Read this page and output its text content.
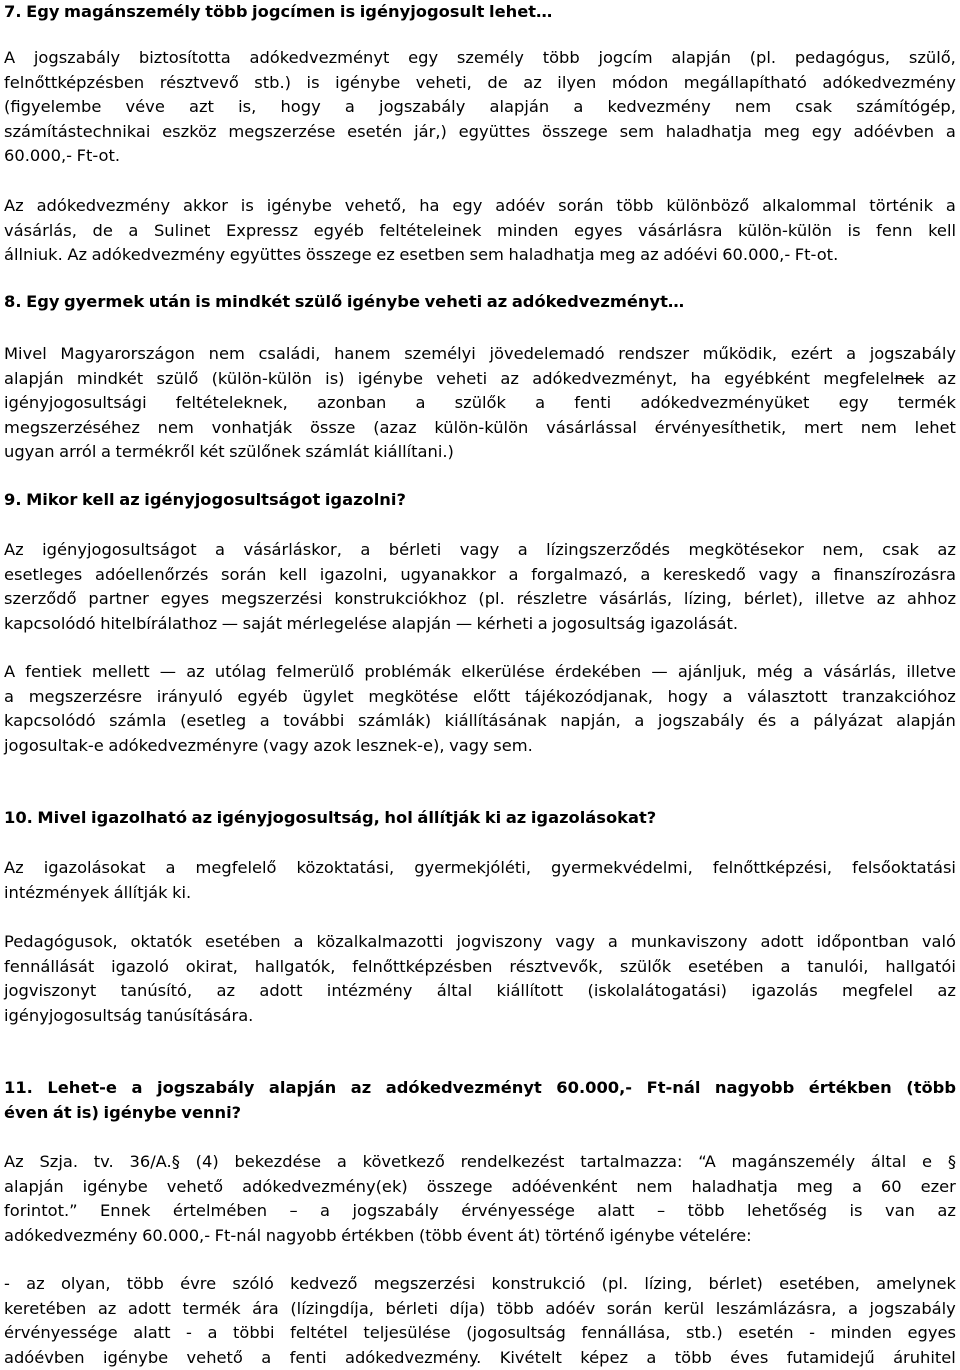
7. Egy magánszemély több jogcímen is igényjogosult lehet…
A jogszabály biztosította adókedvezményt egy személy több jogcím alapján (pl. pedagógus, szülő,
felnőttképzésben résztvevő stb.) is igénybe veheti, de az ilyen módon megállapítható adókedvezmény
(figyelembe véve azt is, hogy a jogszabály alapján a kedvezmény nem csak számítógép,
számítástechnikai eszköz megszerzése esetén jár,) együttes összege sem haladhatja meg egy adóévben a
60.000,- Ft-ot.
Az adókedvezmény akkor is igénybe vehető, ha egy adóév során több különböző alkalommal történik a
vásárlás, de a Sulinet Expressz egyéb feltételeinek minden egyes vásárlásra külön-külön is fenn kell
állniuk. Az adókedvezmény együttes összege ez esetben sem haladhatja meg az adóévi 60.000,- Ft-ot.
8. Egy gyermek után is mindkét szülő igénybe veheti az adókedvezményt…
Mivel Magyarországon nem családi, hanem személyi jövedelemadó rendszer működik, ezért a jogszabály
alapján mindkét szülő (külön-külön is) igénybe veheti az adókedvezményt, ha egyébként megfelelnek az
igényjogosultsági feltételeknek, azonban a szülők a fenti adókedvezményüket egy termék
megszerzéséhez nem vonhatják össze (azaz külön-külön vásárlással érvényesíthetik, mert nem lehet
ugyan arról a termékről két szülőnek számlát kiállítani.)
9. Mikor kell az igényjogosultságot igazolni?
Az igényjogosultságot a vásárláskor, a bérleti vagy a lízingszerződés megkötésekor nem, csak az
esetleges adóellenőrzés során kell igazolni, ugyanakkor a forgalmazó, a kereskedő vagy a finanszírozásra
szerződő partner egyes megszerzési konstrukciókhoz (pl. részletre vásárlás, lízing, bérlet), illetve az ahhoz
kapcsolódó hitelbírálathoz — saját mérlegelése alapján — kérheti a jogosultság igazolását.
A fentiek mellett — az utólag felmerülő problémák elkerülése érdekében — ajánljuk, még a vásárlás, illetve
a megszerzésre irányuló egyéb ügylet megkötése előtt tájékozódjanak, hogy a választott tranzakcióhoz
kapcsolódó számla (esetleg a további számlák) kiállításának napján, a jogszabály és a pályázat alapján
jogosultak-e adókedvezményre (vagy azok lesznek-e), vagy sem.
10. Mivel igazolható az igényjogosultság, hol állítják ki az igazolásokat?
Az igazolásokat a megfelelő közoktatási, gyermekjóléti, gyermekvédelmi, felnőttképzési, felsőoktatási
intézmények állítják ki.
Pedagógusok, oktatók esetében a közalkalmazotti jogviszony vagy a munkaviszony adott időpontban való
fennállását igazoló okirat, hallgatók, felnőttképzésben résztvevők, szülők esetében a tanulói, hallgatói
jogviszonyt tanúsító, az adott intézmény által kiállított (iskolalátogatási) igazolás megfelel az
igényjogosultság tanúsítására.
11. Lehet-e a jogszabály alapján az adókedvezményt 60.000,- Ft-nál nagyobb értékben (több
éven át is) igénybe venni?
Az Szja. tv. 36/A.§ (4) bekezdése a következő rendelkezést tartalmazza: “A magánszemély által e §
alapján igénybe vehető adókedvezmény(ek) összege adóévenként nem haladhatja meg a 60 ezer
forintot.” Ennek értelmében – a jogszabály érvényessége alatt – több lehetőség is van az
adókedvezmény 60.000,- Ft-nál nagyobb értékben (több évent át) történő igénybe vételére:
- az olyan, több évre szóló kedvező megszerzési konstrukció (pl. lízing, bérlet) esetében, amelynek
keretében az adott termék ára (lízingdíja, bérleti díja) több adóév során kerül leszámlázásra, a jogszabály
érvényessége alatt - a többi feltétel teljesülése (jogosultság fennállása, stb.) esetén - minden egyes
adóévben igénybe vehető a fenti adókedvezmény. Kivételt képez a több éves futamidejű áruhitel
